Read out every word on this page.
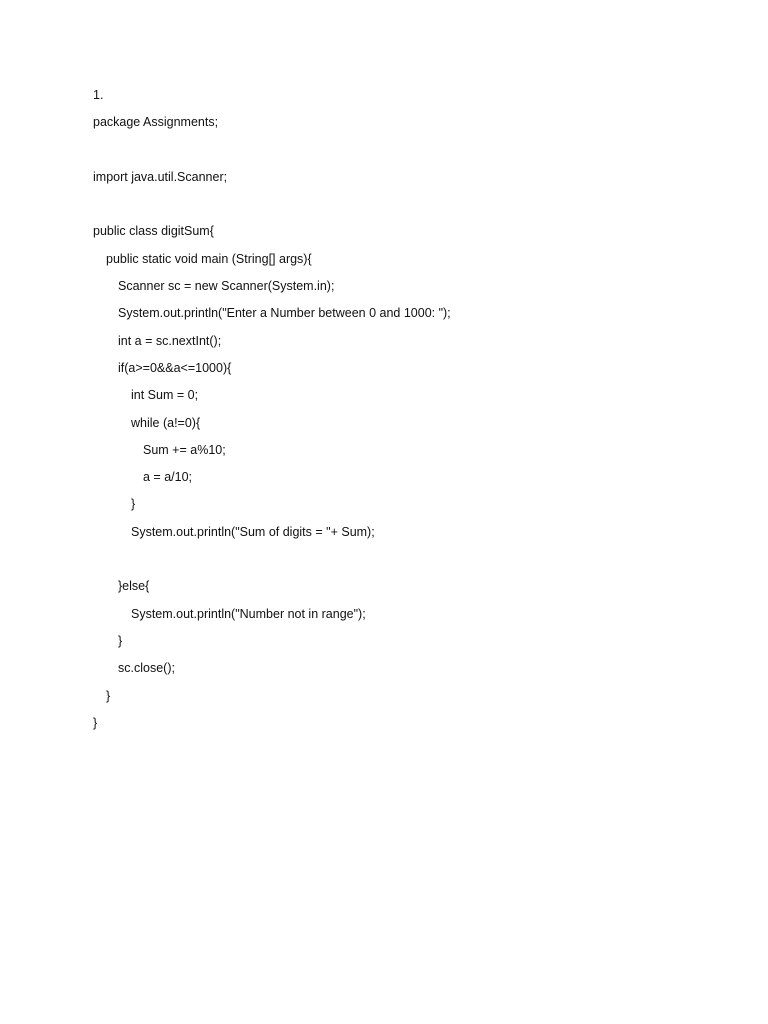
1.
package Assignments;
import java.util.Scanner;
public class digitSum{
public static void main (String[] args){
Scanner sc = new Scanner(System.in);
System.out.println("Enter a Number between 0 and 1000: ");
int a = sc.nextInt();
if(a>=0&&a<=1000){
int Sum = 0;
while (a!=0){
Sum += a%10;
a = a/10;
}
System.out.println("Sum of digits = "+ Sum);
}else{
System.out.println("Number not in range");
}
sc.close();
}
}
